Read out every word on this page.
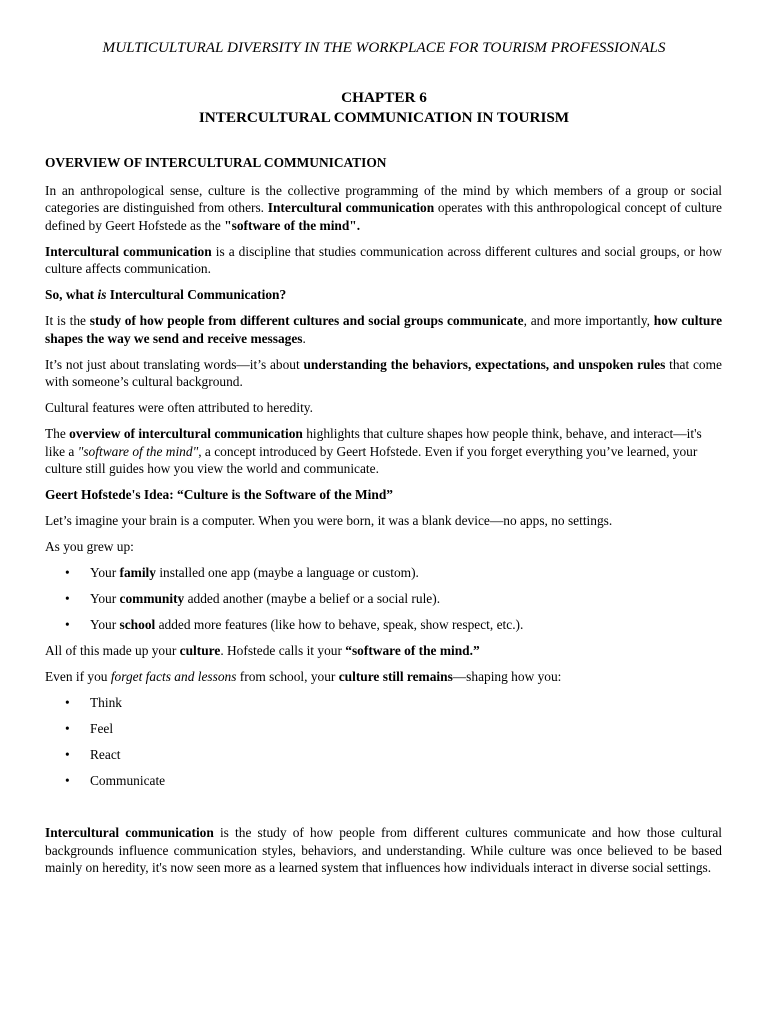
MULTICULTURAL DIVERSITY IN THE WORKPLACE FOR TOURISM PROFESSIONALS
CHAPTER 6
INTERCULTURAL COMMUNICATION IN TOURISM

OVERVIEW OF INTERCULTURAL COMMUNICATION

In an anthropological sense, culture is the collective programming of the mind by which members of a group or social categories are distinguished from others. Intercultural communication operates with this anthropological concept of culture defined by Geert Hofstede as the "software of the mind".

Intercultural communication is a discipline that studies communication across different cultures and social groups, or how culture affects communication.

So, what is Intercultural Communication?

It is the study of how people from different cultures and social groups communicate, and more importantly, how culture shapes the way we send and receive messages.

It’s not just about translating words—it’s about understanding the behaviors, expectations, and unspoken rules that come with someone’s cultural background.

Cultural features were often attributed to heredity.

The overview of intercultural communication highlights that culture shapes how people think, behave, and interact—it's like a "software of the mind", a concept introduced by Geert Hofstede. Even if you forget everything you’ve learned, your culture still guides how you view the world and communicate.

Geert Hofstede's Idea: “Culture is the Software of the Mind”

Let’s imagine your brain is a computer. When you were born, it was a blank device—no apps, no settings.

As you grew up:

• Your family installed one app (maybe a language or custom).
• Your community added another (maybe a belief or a social rule).
• Your school added more features (like how to behave, speak, show respect, etc.).

All of this made up your culture. Hofstede calls it your “software of the mind.”

Even if you forget facts and lessons from school, your culture still remains—shaping how you:

• Think
• Feel
• React
• Communicate

Intercultural communication is the study of how people from different cultures communicate and how those cultural backgrounds influence communication styles, behaviors, and understanding. While culture was once believed to be based mainly on heredity, it's now seen more as a learned system that influences how individuals interact in diverse social settings.
